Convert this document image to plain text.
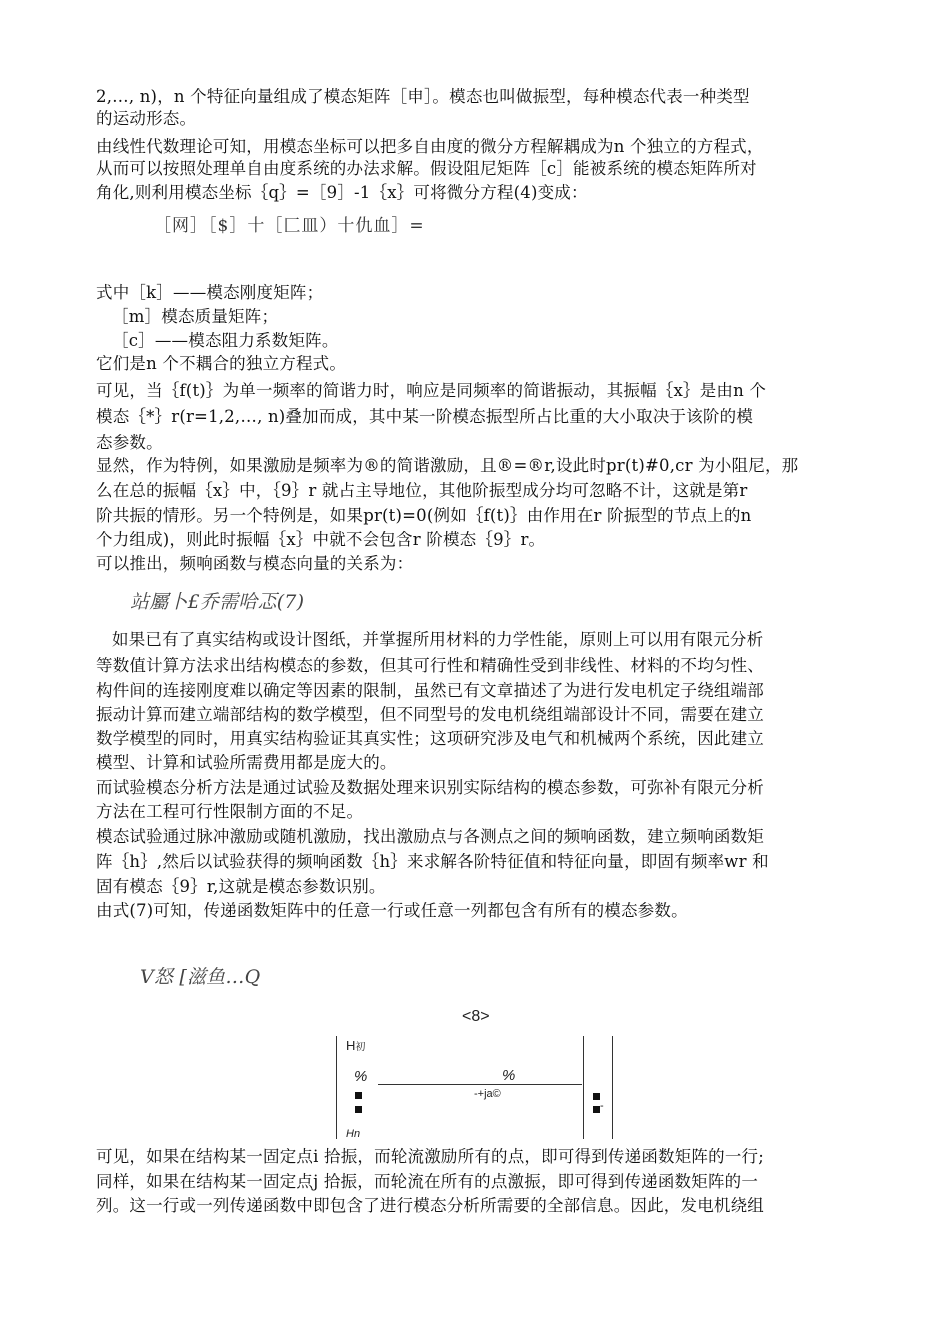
2,…, n)，n 个特征向量组成了模态矩阵［申］。模态也叫做振型，每种模态代表一种类型
的运动形态。
由线性代数理论可知，用模态坐标可以把多自由度的微分方程解耦成为n 个独立的方程式，
从而可以按照处理单自由度系统的办法求解。假设阻尼矩阵［c］能被系统的模态矩阵所对
角化,则利用模态坐标｛q｝=［9］-1｛x｝可将微分方程(4)变成：
［网］［$］十［匚皿）十仇血］=
式中［k］——模态刚度矩阵；
［m］模态质量矩阵；
［c］——模态阻力系数矩阵。
它们是n 个不耦合的独立方程式。
可见，当｛f(t)｝为单一频率的简谐力时，响应是同频率的简谐振动，其振幅｛x｝是由n 个
模态｛*｝r(r=1,2,…, n)叠加而成，其中某一阶模态振型所占比重的大小取决于该阶的模
态参数。
显然，作为特例，如果激励是频率为®的简谐激励，且®=®r,设此时pr(t)#0,cr 为小阻尼，那
么在总的振幅｛x｝中，｛9｝r 就占主导地位，其他阶振型成分均可忽略不计，这就是第r
阶共振的情形。另一个特例是，如果pr(t)=0(例如｛f(t)｝由作用在r 阶振型的节点上的n
个力组成)，则此时振幅｛x｝中就不会包含r 阶模态｛9｝r。
可以推出，频响函数与模态向量的关系为：
站屬卜£乔需哈忑(7)
如果已有了真实结构或设计图纸，并掌握所用材料的力学性能，原则上可以用有限元分析
等数值计算方法求出结构模态的参数，但其可行性和精确性受到非线性、材料的不均匀性、
构件间的连接刚度难以确定等因素的限制，虽然已有文章描述了为进行发电机定子绕组端部
振动计算而建立端部结构的数学模型，但不同型号的发电机绕组端部设计不同，需要在建立
数学模型的同时，用真实结构验证其真实性；这项研究涉及电气和机械两个系统，因此建立
模型、计算和试验所需费用都是庞大的。
而试验模态分析方法是通过试验及数据处理来识别实际结构的模态参数，可弥补有限元分析
方法在工程可行性限制方面的不足。
模态试验通过脉冲激励或随机激励，找出激励点与各测点之间的频响函数，建立频响函数矩
阵｛h｝,然后以试验获得的频响函数｛h｝来求解各阶特征值和特征向量，即固有频率wr 和
固有模态｛9｝r,这就是模态参数识别。
由式(7)可知，传递函数矩阵中的任意一行或任意一列都包含有所有的模态参数。
V怒 [滋鱼…Q
<8>
H初
%
Hn
%
-+ja©
-
可见，如果在结构某一固定点i 拾振，而轮流激励所有的点，即可得到传递函数矩阵的一行;
同样，如果在结构某一固定点j 拾振，而轮流在所有的点激振，即可得到传递函数矩阵的一
列。这一行或一列传递函数中即包含了进行模态分析所需要的全部信息。因此，发电机绕组
